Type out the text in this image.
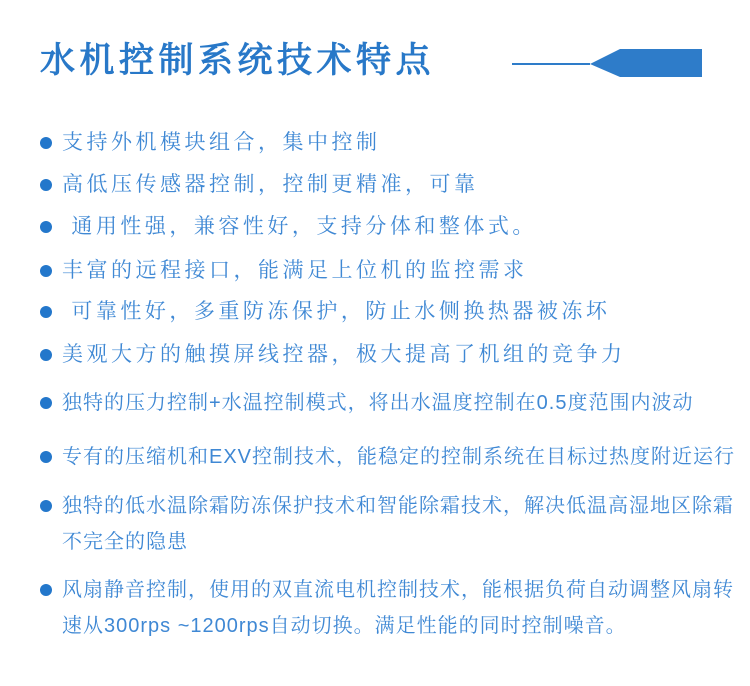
水机控制系统技术特点
支持外机模块组合，集中控制
高低压传感器控制，控制更精准，可靠
通用性强，兼容性好，支持分体和整体式。
丰富的远程接口，能满足上位机的监控需求
可靠性好，多重防冻保护，防止水侧换热器被冻坏
美观大方的触摸屏线控器，极大提高了机组的竞争力
独特的压力控制+水温控制模式，将出水温度控制在0.5度范围内波动
专有的压缩机和EXV控制技术，能稳定的控制系统在目标过热度附近运行
独特的低水温除霜防冻保护技术和智能除霜技术，解决低温高湿地区除霜
不完全的隐患
风扇静音控制，使用的双直流电机控制技术，能根据负荷自动调整风扇转
速从300rps ~1200rps自动切换。满足性能的同时控制噪音。
